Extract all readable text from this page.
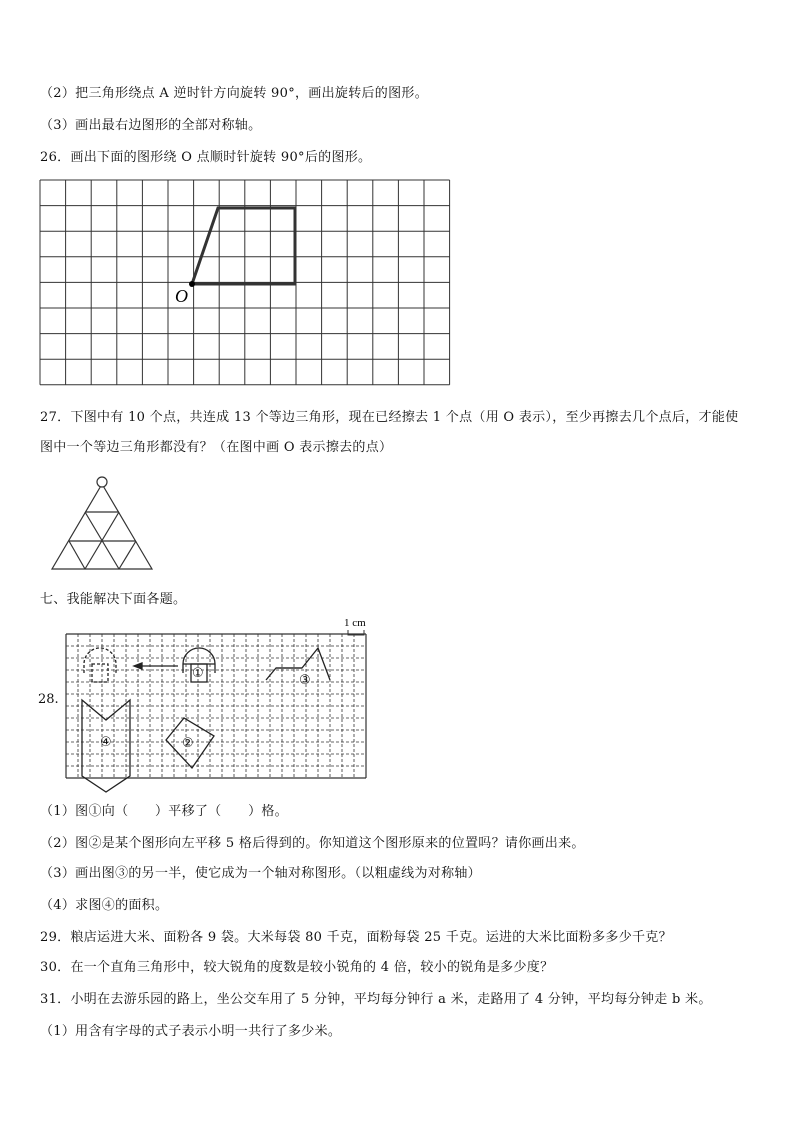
（2）把三角形绕点 A 逆时针方向旋转 90°，画出旋转后的图形。
（3）画出最右边图形的全部对称轴。
26．画出下面的图形绕 O 点顺时针旋转 90°后的图形。
O
27．下图中有 10 个点，共连成 13 个等边三角形，现在已经擦去 1 个点（用 O 表示），至少再擦去几个点后，才能使
图中一个等边三角形都没有？（在图中画 O 表示擦去的点）
七、我能解决下面各题。
28.
1 cm
①	③
④	②
（1）图①向（　　）平移了（　　）格。
（2）图②是某个图形向左平移 5 格后得到的。你知道这个图形原来的位置吗？请你画出来。
（3）画出图③的另一半，使它成为一个轴对称图形。（以粗虚线为对称轴）
（4）求图④的面积。
29．粮店运进大米、面粉各 9 袋。大米每袋 80 千克，面粉每袋 25 千克。运进的大米比面粉多多少千克？
30．在一个直角三角形中，较大锐角的度数是较小锐角的 4 倍，较小的锐角是多少度？
31．小明在去游乐园的路上，坐公交车用了 5 分钟，平均每分钟行 a 米，走路用了 4 分钟，平均每分钟走 b 米。
（1）用含有字母的式子表示小明一共行了多少米。
